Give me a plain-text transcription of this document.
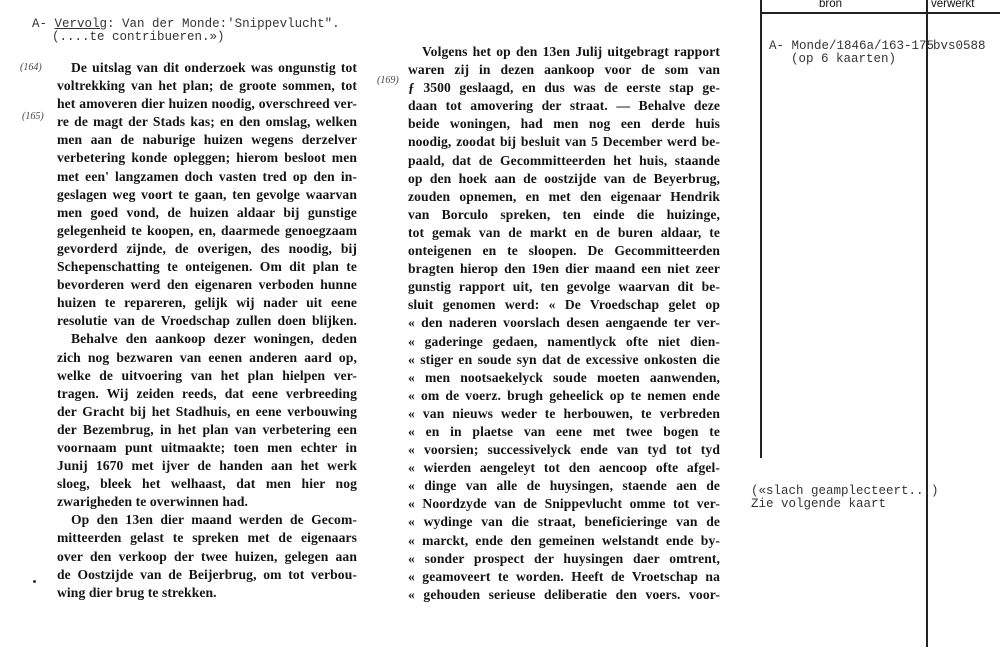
A- Vervolg: Van der Monde:'Snippevlucht".
(....te contribueren.»)
(164)
(165)
(169)
De uitslag van dit onderzoek was ongunstig tot
voltrekking van het plan; de groote sommen, tot
het amoveren dier huizen noodig, overschreed ver-
re de magt der Stads kas; en den omslag, welken
men aan de naburige huizen wegens derzelver
verbetering konde opleggen; hierom besloot men
met een' langzamen doch vasten tred op den in-
geslagen weg voort te gaan, ten gevolge waarvan
men goed vond, de huizen aldaar bij gunstige
gelegenheid te koopen, en, daarmede genoegzaam
gevorderd zijnde, de overigen, des noodig, bij
Schepenschatting te onteigenen. Om dit plan te
bevorderen werd den eigenaren verboden hunne
huizen te repareren, gelijk wij nader uit eene
resolutie van de Vroedschap zullen doen blijken.
Behalve den aankoop dezer woningen, deden
zich nog bezwaren van eenen anderen aard op,
welke de uitvoering van het plan hielpen ver-
tragen. Wij zeiden reeds, dat eene verbreeding
der Gracht bij het Stadhuis, en eene verbouwing
der Bezembrug, in het plan van verbetering een
voornaam punt uitmaakte; toen men echter in
Junij 1670 met ijver de handen aan het werk
sloeg, bleek het welhaast, dat men hier nog
zwarigheden te overwinnen had.
Op den 13en dier maand werden de Gecom-
mitteerden gelast te spreken met de eigenaars
over den verkoop der twee huizen, gelegen aan
de Oostzijde van de Beijerbrug, om tot verbou-
wing dier brug te strekken.
Volgens het op den 13en Julij uitgebragt rapport
waren zij in dezen aankoop voor de som van
ƒ 3500 geslaagd, en dus was de eerste stap ge-
daan tot amovering der straat. — Behalve deze
beide woningen, had men nog een derde huis
noodig, zoodat bij besluit van 5 December werd be-
paald, dat de Gecommitteerden het huis, staande
op den hoek aan de oostzijde van de Beyerbrug,
zouden opnemen, en met den eigenaar Hendrik
van Borculo spreken, ten einde die huizinge,
tot gemak van de markt en de buren aldaar, te
onteigenen en te sloopen. De Gecommitteerden
bragten hierop den 19en dier maand een niet zeer
gunstig rapport uit, ten gevolge waarvan dit be-
sluit genomen werd: « De Vroedschap gelet op
« den naderen voorslach desen aengaende ter ver-
« gaderinge gedaen, namentlyck ofte niet dien-
« stiger en soude syn dat de excessive onkosten die
« men nootsaekelyck soude moeten aanwenden,
« om de voerz. brugh geheelick op te nemen ende
« van nieuws weder te herbouwen, te verbreden
« en in plaetse van eene met twee bogen te
« voorsien; successivelyck ende van tyd tot tyd
« wierden aengeleyt tot den aencoop ofte afgel-
« dinge van alle de huysingen, staende aen de
« Noordzyde van de Snippevlucht omme tot ver-
« wydinge van die straat, beneficieringe van de
« marckt, ende den gemeinen welstandt ende by-
« sonder prospect der huysingen daer omtrent,
« geamoveert te worden. Heeft de Vroetschap na
« gehouden serieuse deliberatie den voers. voor-
bron	verwerkt
A- Monde/1846a/163-175
(op 6 kaarten)
bvs0588
(«slach geamplecteert...)
Zie volgende kaart
